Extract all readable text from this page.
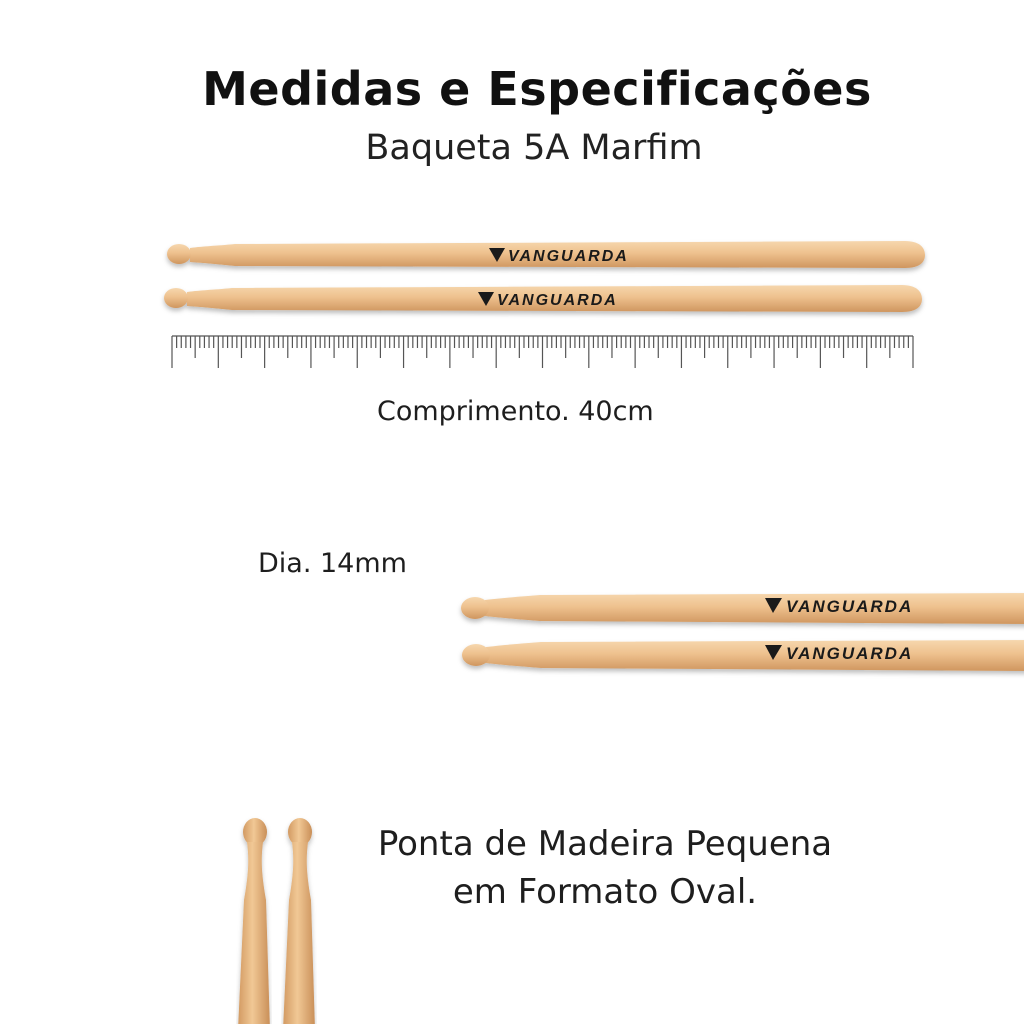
Medidas e Especificações
Baqueta 5A Marfim
VANGUARDA
VANGUARDA
VANGUARDA
VANGUARDA
Comprimento. 40cm
Dia. 14mm
Ponta de Madeira Pequena
em Formato Oval.
